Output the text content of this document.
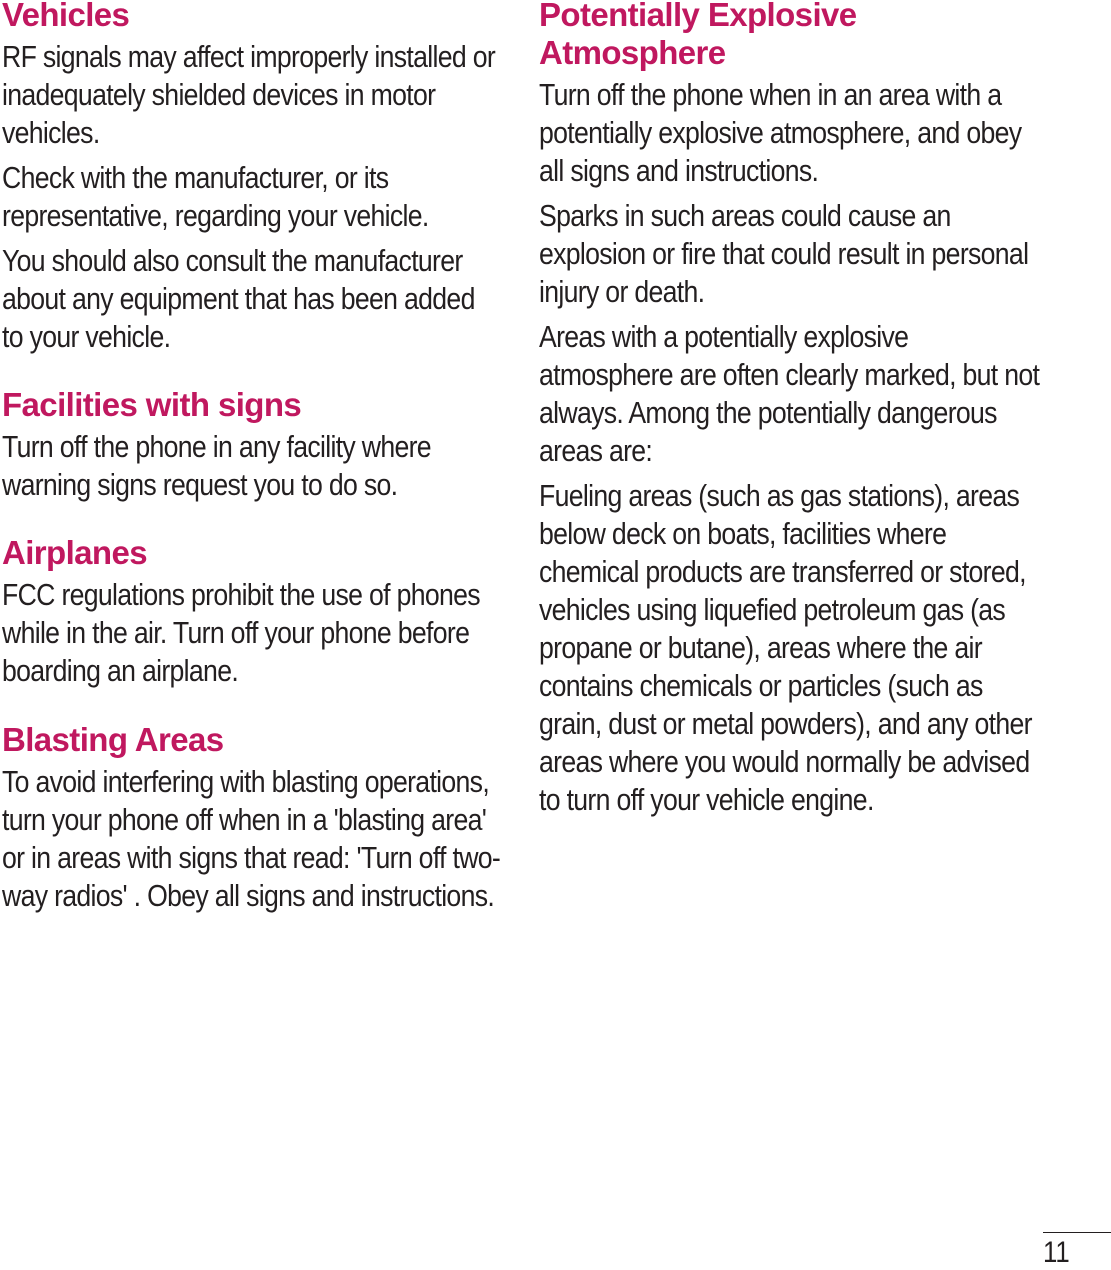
Vehicles

RF signals may affect improperly installed or inadequately shielded devices in motor vehicles.

Check with the manufacturer, or its representative, regarding your vehicle.

You should also consult the manufacturer about any equipment that has been added to your vehicle.

Facilities with signs

Turn off the phone in any facility where warning signs request you to do so.

Airplanes

FCC regulations prohibit the use of phones while in the air. Turn off your phone before boarding an airplane.

Blasting Areas

To avoid interfering with blasting operations, turn your phone off when in a 'blasting area' or in areas with signs that read: 'Turn off two-way radios' . Obey all signs and instructions.

Potentially Explosive Atmosphere

Turn off the phone when in an area with a potentially explosive atmosphere, and obey all signs and instructions.

Sparks in such areas could cause an explosion or fire that could result in personal injury or death.

Areas with a potentially explosive atmosphere are often clearly marked, but not always. Among the potentially dangerous areas are:

Fueling areas (such as gas stations), areas below deck on boats, facilities where chemical products are transferred or stored, vehicles using liquefied petroleum gas (as propane or butane), areas where the air contains chemicals or particles (such as grain, dust or metal powders), and any other areas where you would normally be advised to turn off your vehicle engine.

11
